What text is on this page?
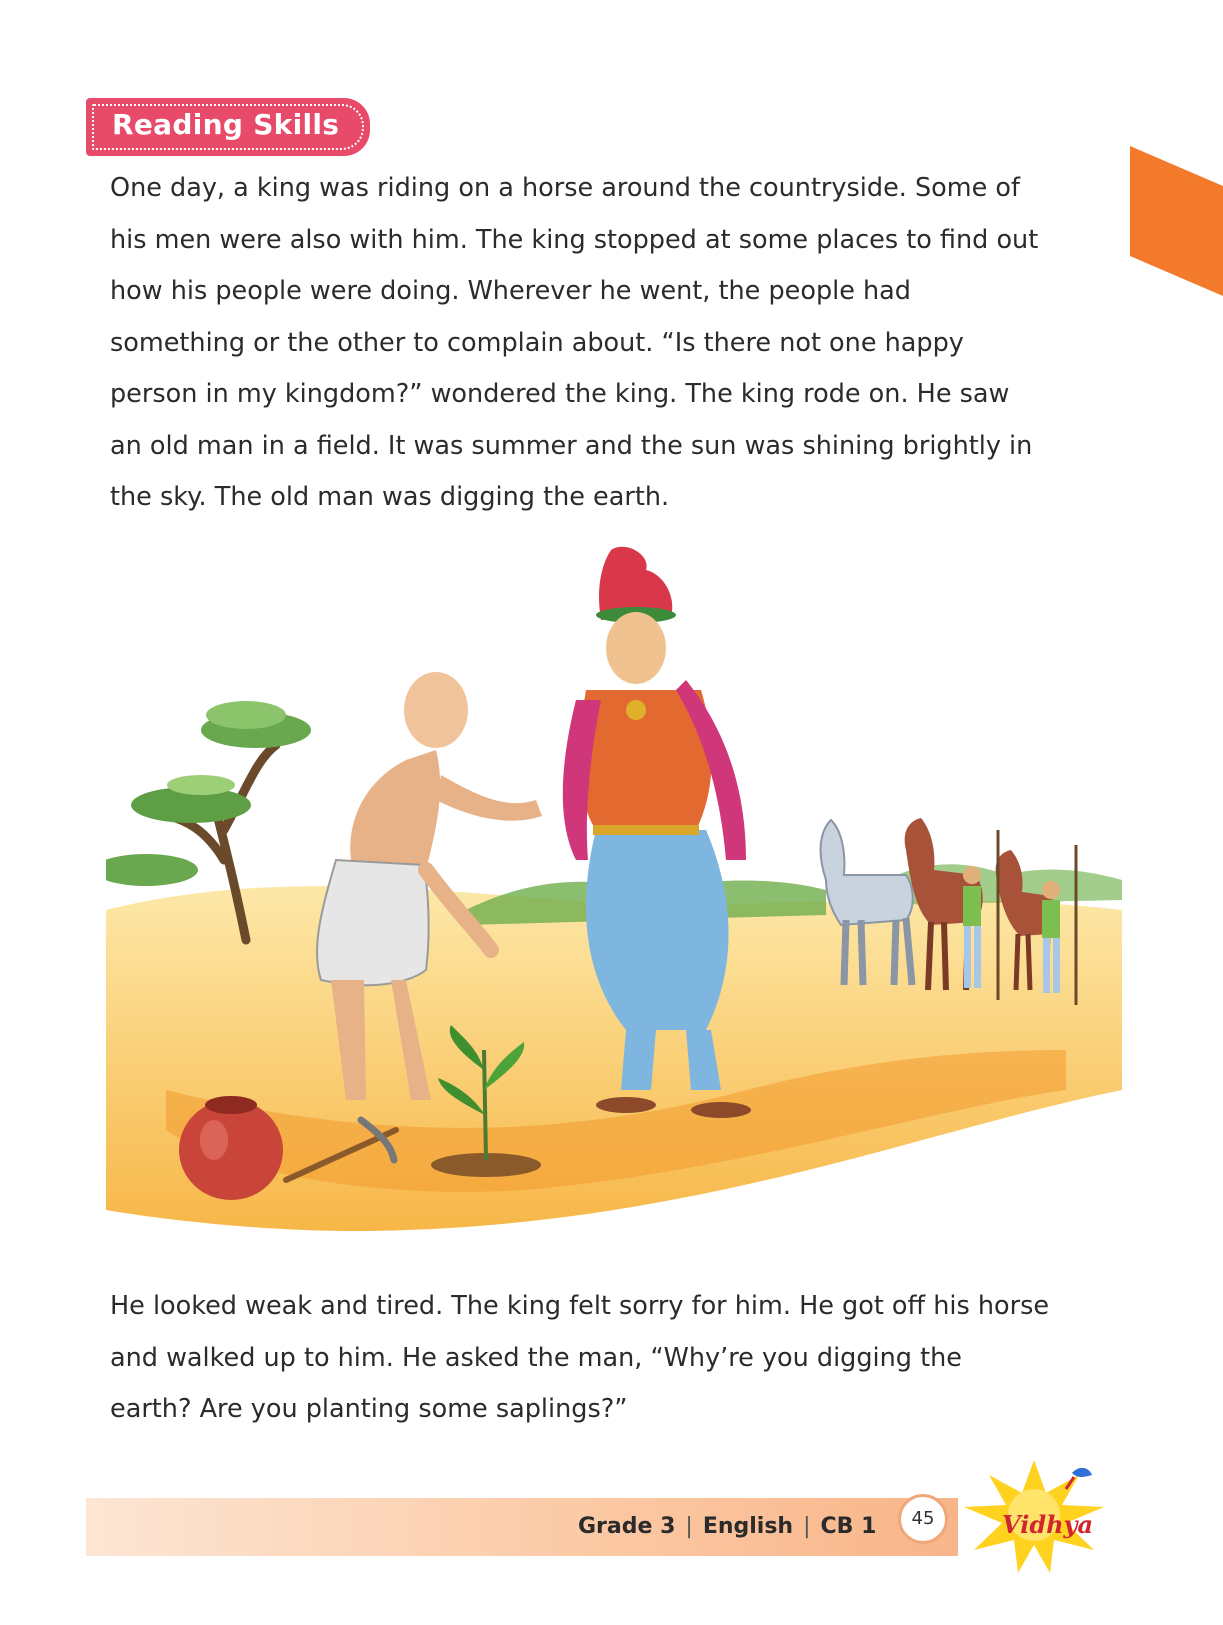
Reading Skills

One day, a king was riding on a horse around the countryside. Some of
his men were also with him. The king stopped at some places to find out
how his people were doing. Wherever he went, the people had
something or the other to complain about. “Is there not one happy
person in my kingdom?” wondered the king. The king rode on. He saw
an old man in a field. It was summer and the sun was shining brightly in
the sky. The old man was digging the earth.

He looked weak and tired. The king felt sorry for him. He got off his horse
and walked up to him. He asked the man, “Why’re you digging the
earth? Are you planting some saplings?”

Grade 3 | English | CB 1	45	Vidhya
